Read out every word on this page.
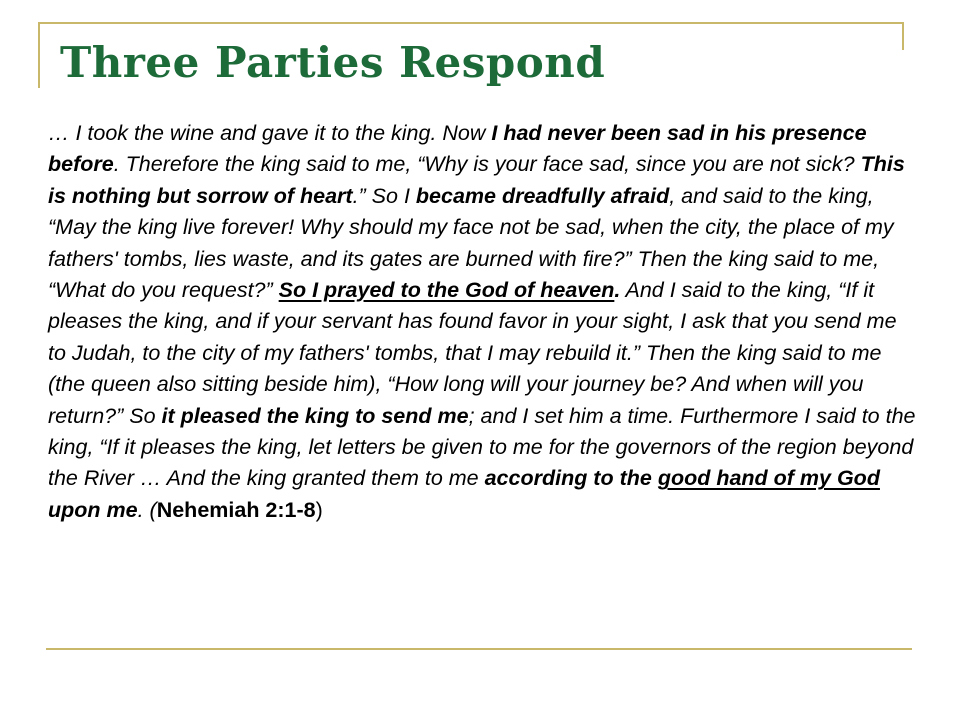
Three Parties Respond

… I took the wine and gave it to the king. Now I had never been sad in his presence before. Therefore the king said to me, “Why is your face sad, since you are not sick? This is nothing but sorrow of heart.” So I became dreadfully afraid, and said to the king, “May the king live forever! Why should my face not be sad, when the city, the place of my fathers' tombs, lies waste, and its gates are burned with fire?” Then the king said to me, “What do you request?” So I prayed to the God of heaven. And I said to the king, “If it pleases the king, and if your servant has found favor in your sight, I ask that you send me to Judah, to the city of my fathers' tombs, that I may rebuild it.” Then the king said to me (the queen also sitting beside him), “How long will your journey be? And when will you return?” So it pleased the king to send me; and I set him a time. Furthermore I said to the king, “If it pleases the king, let letters be given to me for the governors of the region beyond the River … And the king granted them to me according to the good hand of my God upon me. (Nehemiah 2:1-8)
